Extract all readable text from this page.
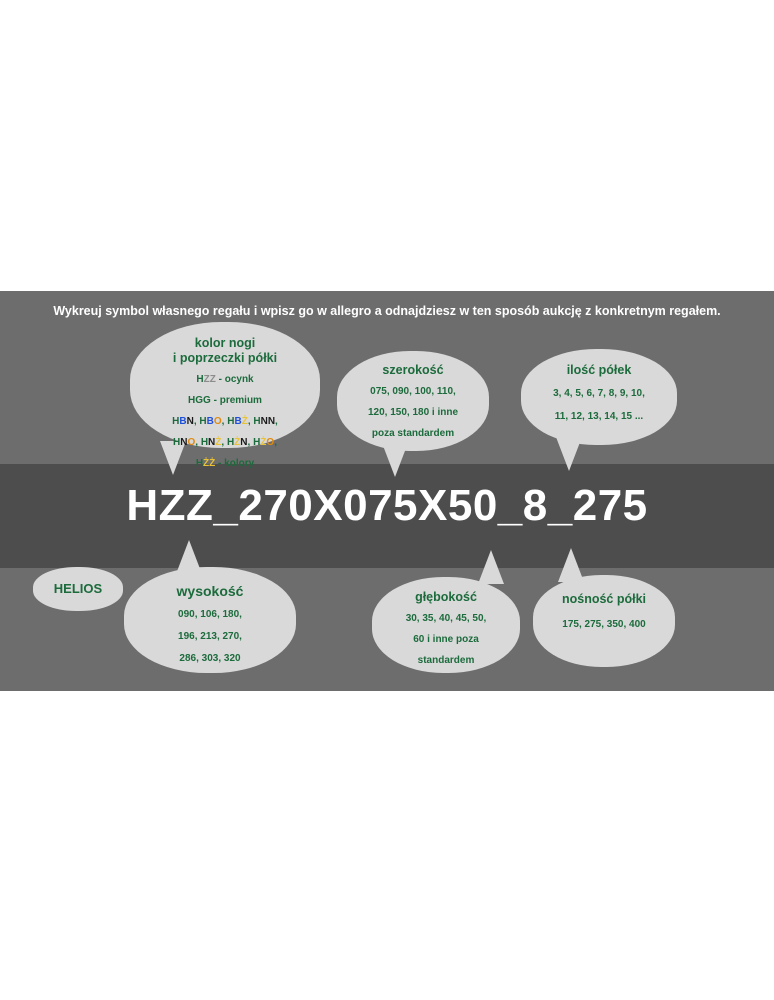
Wykreuj symbol własnego regału i wpisz go w allegro a odnajdziesz w ten sposób aukcję z konkretnym regałem.
HZZ_270X075X50_8_275
kolor nogi
i poprzeczki półki
HZZ - ocynk
HGG - premium
HBN, HBO, HBŻ, HNN,
HNO, HNŻ, HŻN, HŻO,
HŻŻ - kolory
szerokość
075, 090, 100, 110,
120, 150, 180 i inne
poza standardem
ilość półek
3, 4, 5, 6, 7, 8, 9, 10,
11, 12, 13, 14, 15 ...
HELIOS	wysokość
090, 106, 180,
196, 213, 270,
286, 303, 320
głębokość
30, 35, 40, 45, 50,
60 i inne poza
standardem
nośność półki
175, 275, 350, 400
